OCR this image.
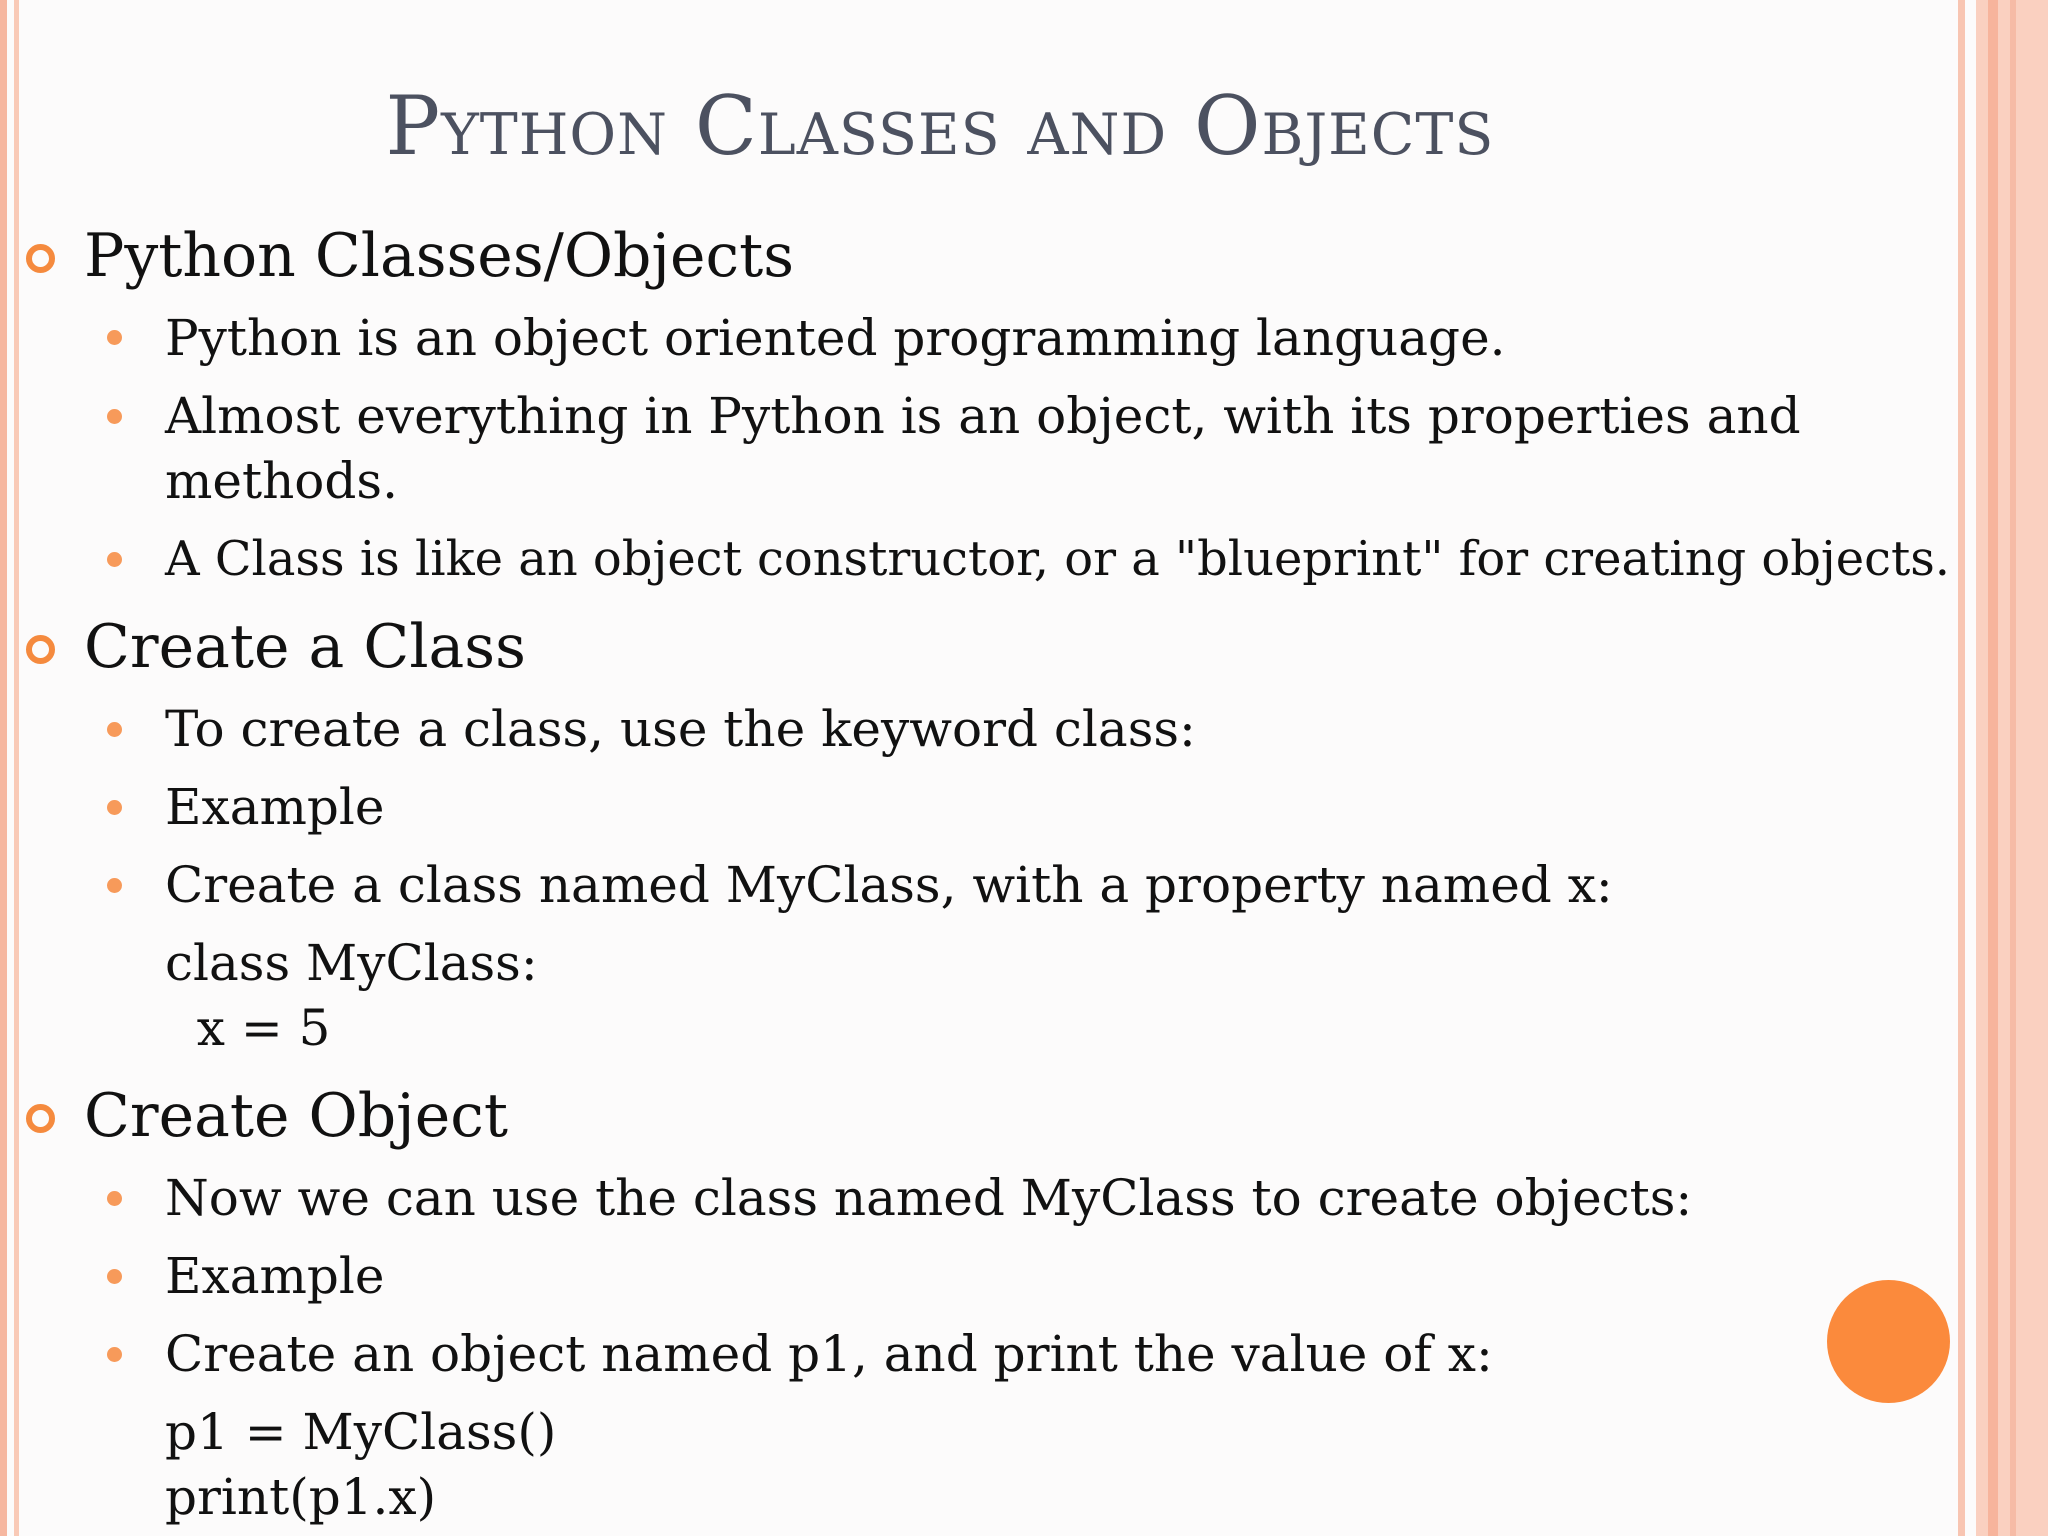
Python Classes and Objects
Python Classes/Objects
Python is an object oriented programming language.
Almost everything in Python is an object, with its properties and
methods.
A Class is like an object constructor, or a "blueprint" for creating objects.
Create a Class
To create a class, use the keyword class:
Example
Create a class named MyClass, with a property named x:
class MyClass:
x = 5
Create Object
Now we can use the class named MyClass to create objects:
Example
Create an object named p1, and print the value of x:
p1 = MyClass()
print(p1.x)
